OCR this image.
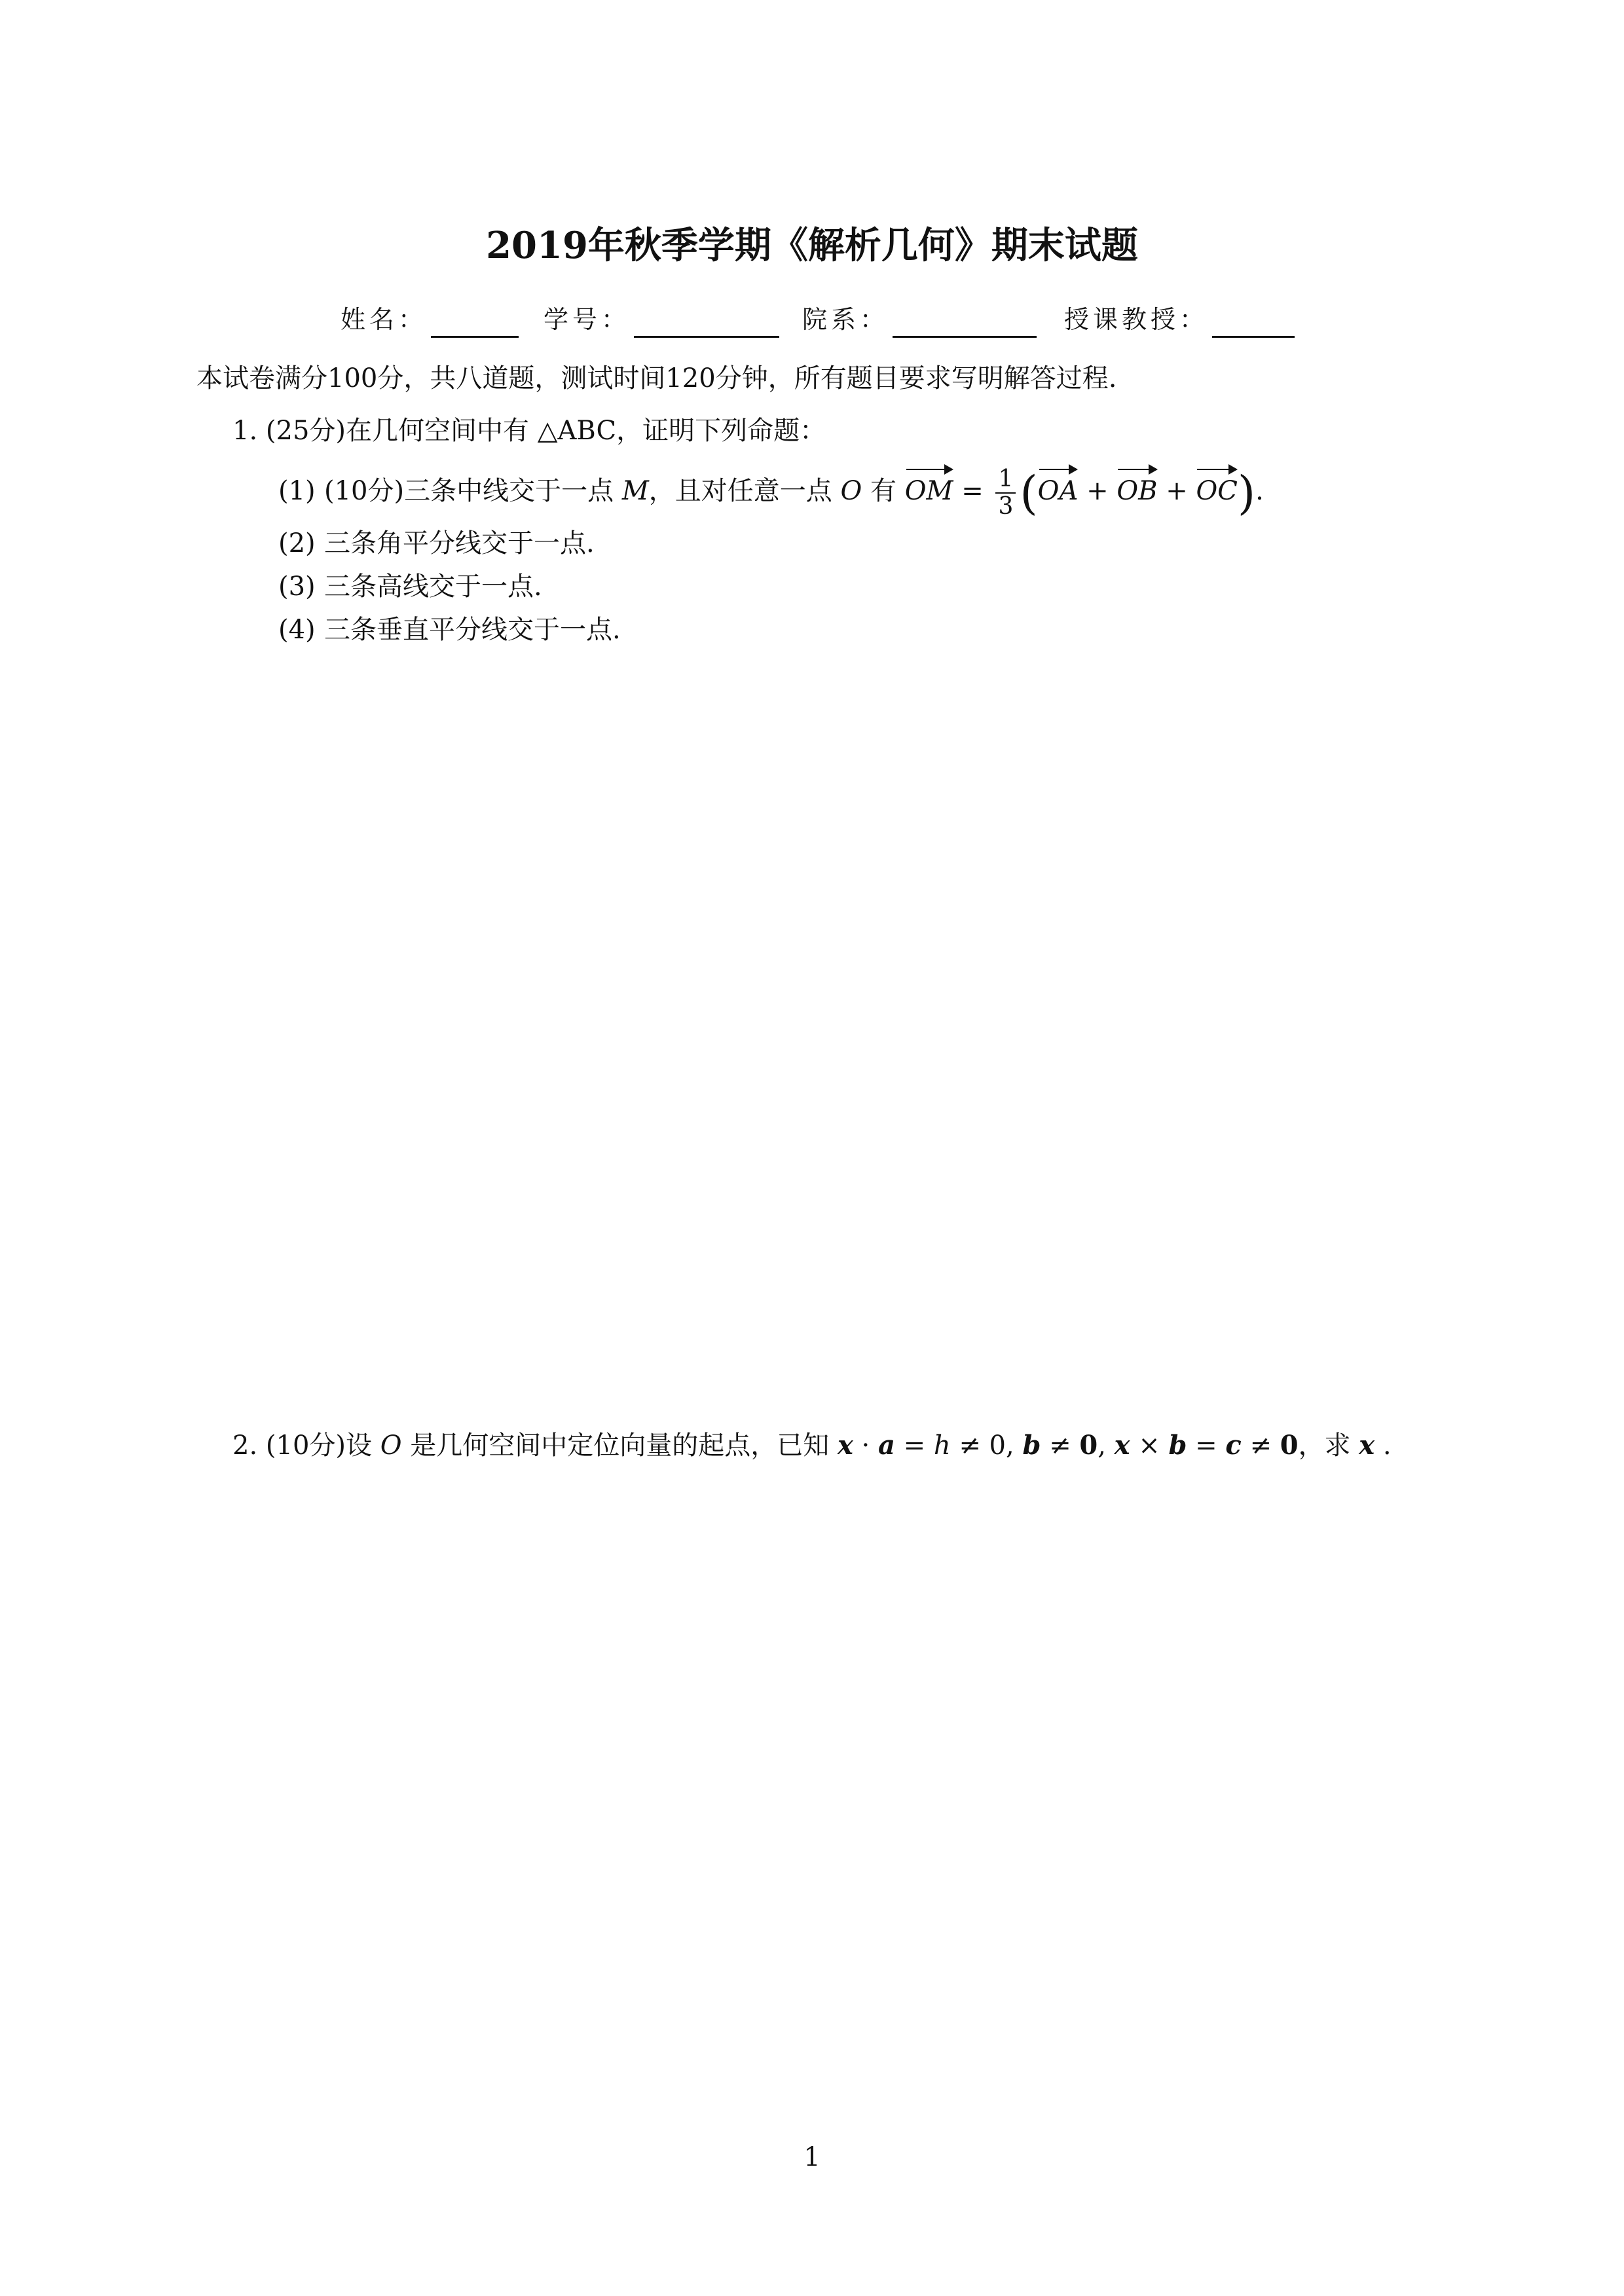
2019年秋季学期《解析几何》期末试题
姓名：	学号：	院系：	授课教授：
本试卷满分100分，共八道题，测试时间120分钟，所有题目要求写明解答过程.
1. (25分)在几何空间中有 △ABC，证明下列命题：
(1) (10分)三条中线交于一点 M，且对任意一点 O 有 OM = $\frac{1}{3} (OA$ + OB + OC).
(2) 三条角平分线交于一点.
(3) 三条高线交于一点.
(4) 三条垂直平分线交于一点.
2. (10分)设 O 是几何空间中定位向量的起点，已知 x · a = h ≠ 0, b ≠ 0, x × b = c ≠ 0，求 x .
1
